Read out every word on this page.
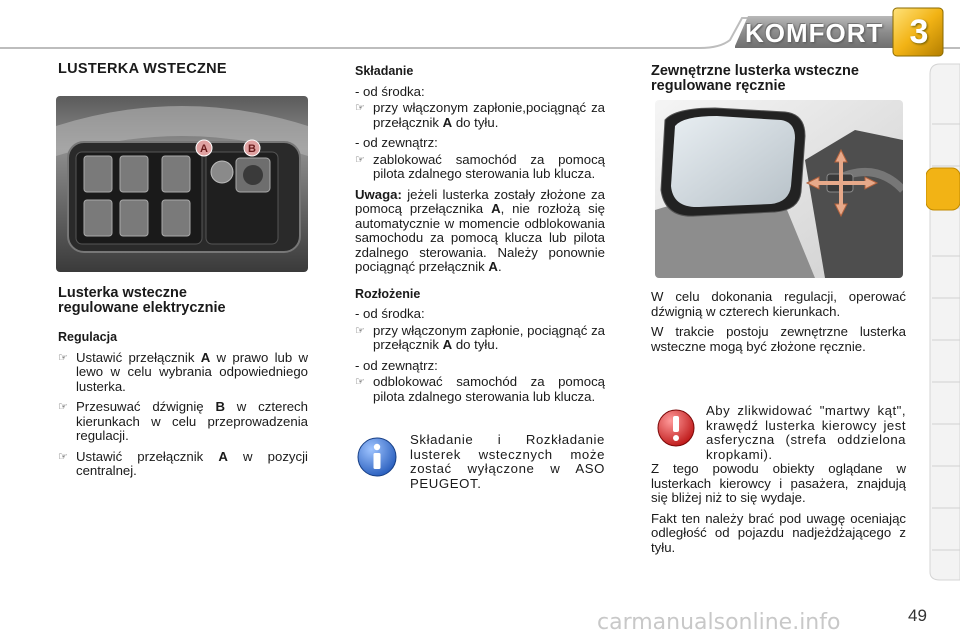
KOMFORT 3
LUSTERKA WSTECZNE
A	B
Lusterka wsteczne
regulowane elektrycznie
Regulacja
☞ Ustawić przełącznik A w prawo lub w lewo w celu wybrania odpowiedniego lusterka.
☞ Przesuwać dźwignię B w czterech kierunkach w celu przeprowadzenia regulacji.
☞ Ustawić przełącznik A w pozycji centralnej.
Składanie
- od środka:
☞ przy włączonym zapłonie,pociągnąć za przełącznik A do tyłu.
- od zewnątrz:
☞ zablokować samochód za pomocą pilota zdalnego sterowania lub klucza.

Uwaga: jeżeli lusterka zostały złożone za pomocą przełącznika A, nie rozłożą się automatycznie w momencie odblokowania samochodu za pomocą klucza lub pilota zdalnego sterowania. Należy ponownie pociągnąć przełącznik A.

Rozłożenie
- od środka:
☞ przy włączonym zapłonie, pociągnąć za przełącznik A do tyłu.
- od zewnątrz:
☞ odblokować samochód za pomocą pilota zdalnego sterowania lub klucza.

Składanie i Rozkładanie lusterek wstecznych może zostać wyłączone w ASO PEUGEOT.

Zewnętrzne lusterka wsteczne
regulowane ręcznie

W celu dokonania regulacji, operować dźwignią w czterech kierunkach.

W trakcie postoju zewnętrzne lusterka wsteczne mogą być złożone ręcznie.

Aby zlikwidować "martwy kąt", krawędź lusterka kierowcy jest asferyczna (strefa oddzielona kropkami).

Z tego powodu obiekty oglądane w lusterkach kierowcy i pasażera, znajdują się bliżej niż to się wydaje.

Fakt ten należy brać pod uwagę oceniając odległość od pojazdu nadjeżdżającego z tyłu.

carmanualsonline.info	49
